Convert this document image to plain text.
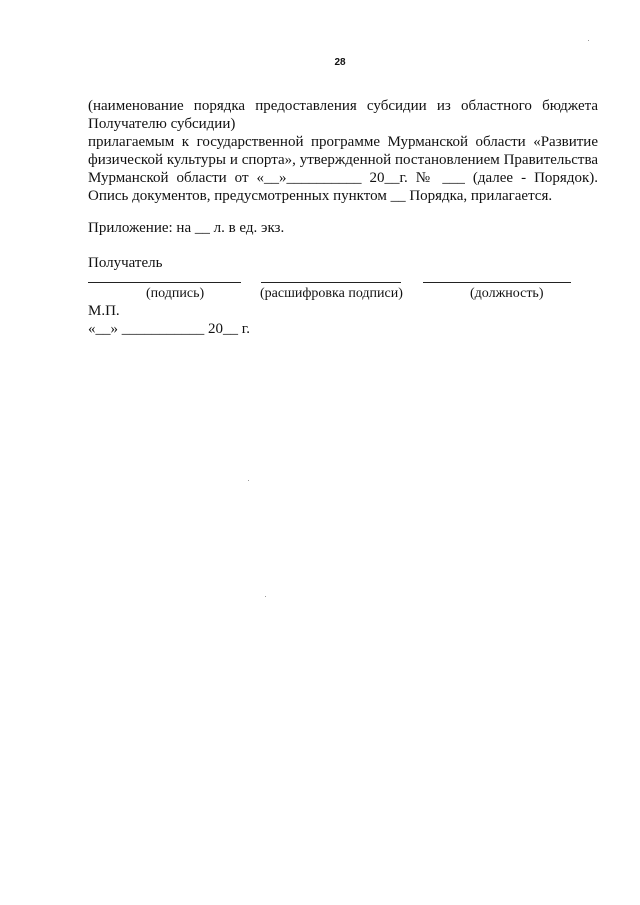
28
(наименование порядка предоставления субсидии из областного бюджета
Получателю субсидии)
прилагаемым к государственной программе Мурманской области «Развитие
физической культуры и спорта», утвержденной постановлением Правительства
Мурманской области от «__»__________ 20__г. № ___ (далее - Порядок).
Опись документов, предусмотренных пунктом __ Порядка, прилагается.
Приложение: на __ л. в ед. экз.
Получатель
(подпись)	(расшифровка подписи)	(должность)
М.П.
«__» ___________ 20__ г.
